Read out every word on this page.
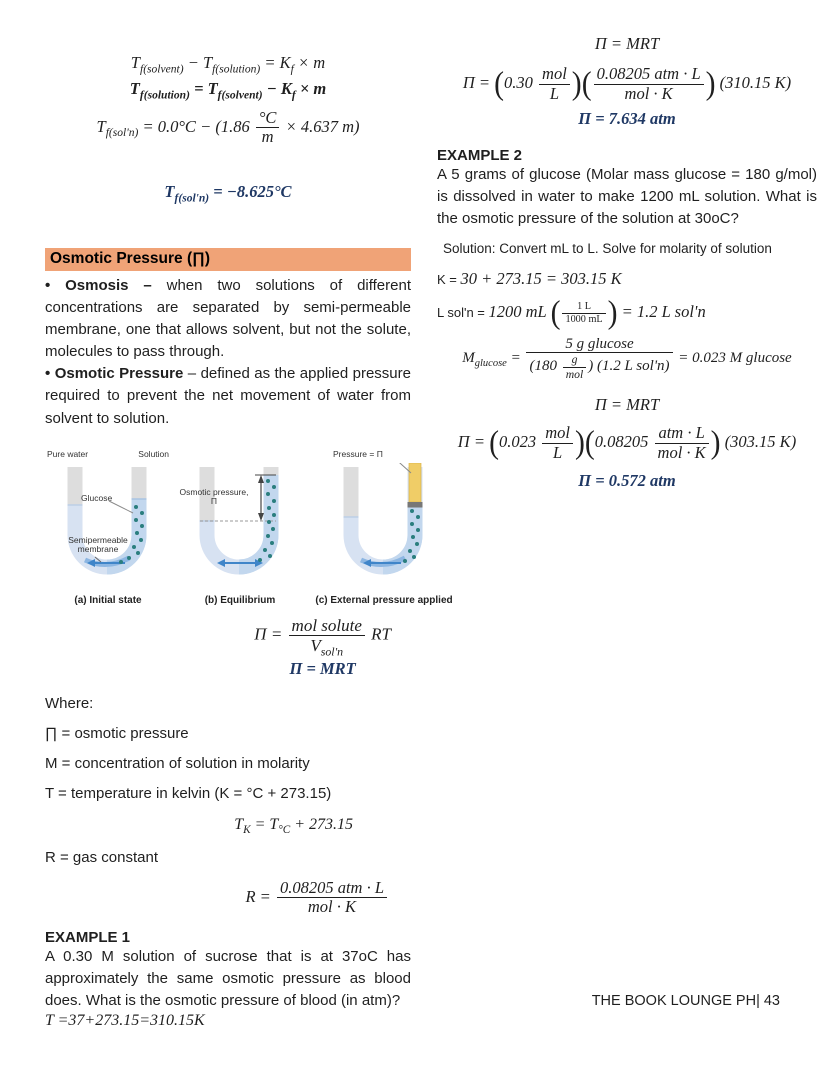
$T_{f(solvent)} - T_{f(solution)} = K_f \times m$
$T_{f(solution)} = T_{f(solvent)} - K_f \times m$
$T_{f(sol'n)} = 0.0^\circ C - (1.86 \frac{^\circ C}{m} \times 4.637$ m)
$T_{f(sol'n)} = -8.625^\circ C$
Osmotic Pressure (∏)

• Osmosis – when two solutions of different concentrations are separated by semi-permeable membrane, one that allows solvent, but not the solute, molecules to pass through.

• Osmotic Pressure – defined as the applied pressure required to prevent the net movement of water from solvent to solution.

Pure water	Solution
Glucose
Semipermeable membrane
(a) Initial state
Osmotic pressure, Π
(b) Equilibrium
Pressure = Π
(c) External pressure applied
$\Pi = \frac{\text{mol solute}}{V_{sol'n}}$ RT
Π = MRT
Where:
∏ = osmotic pressure
M = concentration of solution in molarity
T = temperature in kelvin (K = °C + 273.15)
$T_K = T_{^\circ C} + 273.15$
R = gas constant
$R = \frac{\text{0.08205 atm · L}}{\text{mol · K}}$
EXAMPLE 1

A 0.30 M solution of sucrose that is at 37oC has approximately the same osmotic pressure as blood does. What is the osmotic pressure of blood (in atm)?

T =37+273.15=310.15K
Π = MRT
$\Pi = (0.30 \frac{\text{mol}}{L}$ )( $\frac{\text{0.08205 atm · L}}{\text{mol · K}}$ ) (310.15 K)
Π = 7.634 atm
EXAMPLE 2

A 5 grams of glucose (Molar mass glucose = 180 g/mol) is dissolved in water to make 1200 mL solution. What is the osmotic pressure of the solution at 30oC?

Solution: Convert mL to L. Solve for molarity of solution
K = 30 + 273.15 = 303.15 K
L sol'n = 1200 mL ( $\frac{1 L}{1000 mL}$ ) = 1.2 L sol'n
$M_{glucose} = \frac{\text{5 g glucose}}{(180 \frac{g}{\text{mol}} ) (1.2 L sol'n)} = 0.023$ M glucose
Π = MRT
$\Pi = (0.023 \frac{\text{mol}}{L} )(0.08205 \frac{\text{atm · L}}{\text{mol · K}}$ ) (303.15 K)
Π = 0.572 atm
THE BOOK LOUNGE PH| 43
